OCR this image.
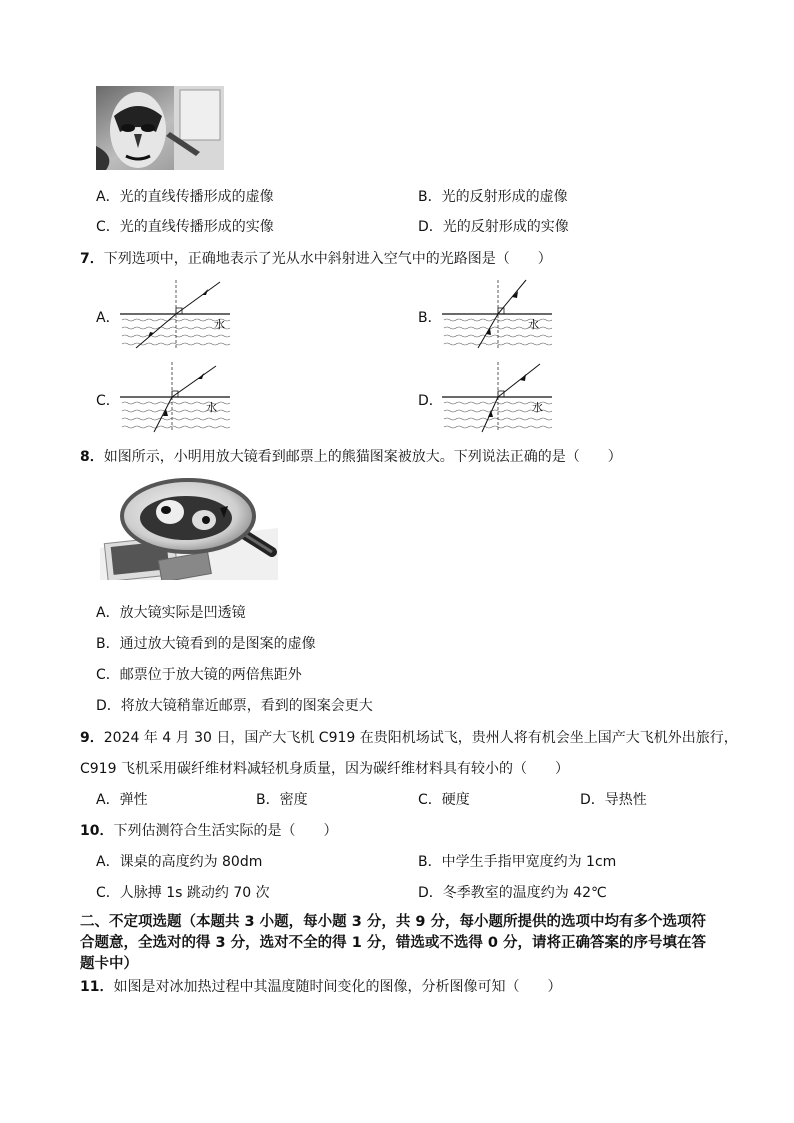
A．光的直线传播形成的虚像	B．光的反射形成的虚像
C．光的直线传播形成的实像	D．光的反射形成的实像
7．下列选项中，正确地表示了光从水中斜射进入空气中的光路图是（　　）
A．	水	B．	水
C．	水	D．	水
8．如图所示，小明用放大镜看到邮票上的熊猫图案被放大。下列说法正确的是（　　）
A．放大镜实际是凹透镜
B．通过放大镜看到的是图案的虚像
C．邮票位于放大镜的两倍焦距外
D．将放大镜稍靠近邮票，看到的图案会更大
9．2024 年 4 月 30 日，国产大飞机 C919 在贵阳机场试飞，贵州人将有机会坐上国产大飞机外出旅行，
C919 飞机采用碳纤维材料减轻机身质量，因为碳纤维材料具有较小的（　　）
A．弹性	B．密度	C．硬度	D．导热性
10．下列估测符合生活实际的是（　　）
A．课桌的高度约为 80dm	B．中学生手指甲宽度约为 1cm
C．人脉搏 1s 跳动约 70 次	D．冬季教室的温度约为 42℃
二、不定项选题（本题共 3 小题，每小题 3 分，共 9 分，每小题所提供的选项中均有多个选项符
合题意，全选对的得 3 分，选对不全的得 1 分，错选或不选得 0 分，请将正确答案的序号填在答
题卡中）
11．如图是对冰加热过程中其温度随时间变化的图像，分析图像可知（　　）
